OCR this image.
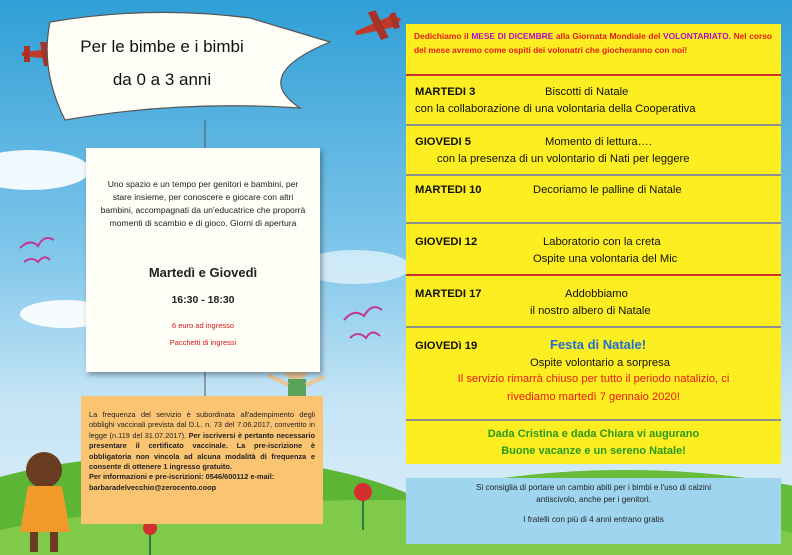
Per le bimbe e i bimbi
da 0 a 3 anni
Uno spazio e un tempo per genitori e bambini, per stare insieme, per conoscere e giocare con altri bambini, accompagnati da un'educatrice che proporrà momenti di scambio e di gioco. Giorni di apertura
Martedì e Giovedì
16:30 - 18:30
6 euro ad ingresso
Pacchetti di ingressi
La frequenza del servizio è subordinata all'adempimento degli obblighi vaccinali prevista dal D.L. n. 73 del 7.06.2017, convertito in legge (n.119 del 31.07.2017). Per iscriversi è pertanto necessario presentare il certificato vaccinale. La pre-iscrizione è obbligatoria non vincola ad alcuna modalità di frequenza e consente di ottenere 1 ingresso gratuito.
Per informazioni e pre-iscrizioni: 0546/600112 e-mail:
barbaradelvecchio@zerocento.coop
Dedichiamo il MESE DI DICEMBRE alla Giornata Mondiale del VOLONTARIATO. Nel corso del mese avremo come ospiti dei volonatri che giocheranno con noi!
MARTEDI 3	Biscotti di Natale
con la collaborazione di una volontaria della Cooperativa
GIOVEDI 5	Momento di lettura….
con la presenza di un volontario di Nati per leggere
MARTEDI 10	Decoriamo le palline di Natale
GIOVEDI 12	Laboratorio con la creta
Ospite una volontaria del Mic
MARTEDI 17	Addobbiamo
il nostro albero di Natale
GIOVEDì 19	Festa di Natale!
Ospite volontario a sorpresa
Il servizio rimarrà chiuso per tutto il periodo natalizio, ci
rivediamo martedì 7 gennaio 2020!
Dada Cristina e dada Chiara vi augurano
Buone vacanze e un sereno Natale!
Si consiglia di portare un cambio abiti per i bimbi e l'uso di calzini
antiscivolo, anche per i genitori.
I fratelli con più di 4 anni entrano gratis
